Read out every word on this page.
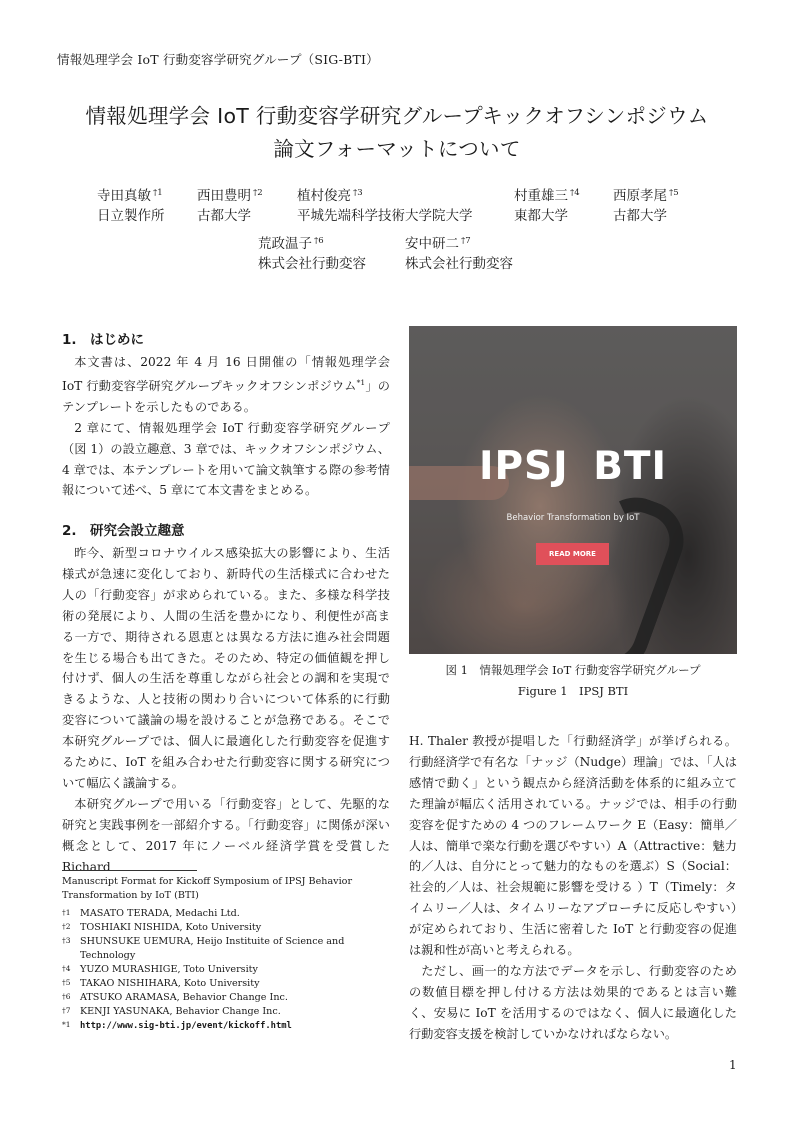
情報処理学会 IoT 行動変容学研究グループ（SIG-BTI）
情報処理学会 IoT 行動変容学研究グループキックオフシンポジウム
論文フォーマットについて
寺田真敏 $^{\dagger 1}$
日立製作所
西田豊明 $^{\dagger 2}$
古都大学
植村俊亮 $^{\dagger 3}$
平城先端科学技術大学院大学
村重雄三 $^{\dagger 4}$
東都大学
西原孝尾 $^{\dagger 5}$
古都大学
荒政温子 $^{\dagger 6}$
株式会社行動変容
安中研二 $^{\dagger 7}$
株式会社行動変容
1.　はじめに

本文書は、2022 年 4 月 16 日開催の「情報処理学会 IoT 行動変容学研究グループキックオフシンポジウム$^{*1}$」のテンプレートを示したものである。

2 章にて、情報処理学会 IoT 行動変容学研究グループ（図 1）の設立趣意、3 章では、キックオフシンポジウム、4 章では、本テンプレートを用いて論文執筆する際の参考情報について述べ、5 章にて本文書をまとめる。

2.　研究会設立趣意

昨今、新型コロナウイルス感染拡大の影響により、生活様式が急速に変化しており、新時代の生活様式に合わせた人の「行動変容」が求められている。また、多様な科学技術の発展により、人間の生活を豊かになり、利便性が高まる一方で、期待される恩恵とは異なる方法に進み社会問題を生じる場合も出てきた。そのため、特定の価値観を押し付けず、個人の生活を尊重しながら社会との調和を実現できるような、人と技術の関わり合いについて体系的に行動変容について議論の場を設けることが急務である。そこで本研究グループでは、個人に最適化した行動変容を促進するために、IoT を組み合わせた行動変容に関する研究について幅広く議論する。

本研究グループで用いる「行動変容」として、先駆的な研究と実践事例を一部紹介する。「行動変容」に関係が深い概念として、2017 年にノーベル経済学賞を受賞した Richard

Manuscript Format for Kickoff Symposium of IPSJ Behavior Transformation by IoT (BTI)
†1 MASATO TERADA, Medachi Ltd.
†2 TOSHIAKI NISHIDA, Koto University
†3 SHUNSUKE UEMURA, Heijo Instituite of Science and Technology
†4 YUZO MURASHIGE, Toto University
†5 TAKAO NISHIHARA, Koto University
†6 ATSUKO ARAMASA, Behavior Change Inc.
†7 KENJI YASUNAKA, Behavior Change Inc.
*1	http://www.sig-bti.jp/event/kickoff.html
IPSJ BTI
Behavior Transformation by IoT
READ MORE
図 1　情報処理学会 IoT 行動変容学研究グループ
Figure 1　IPSJ BTI

H. Thaler 教授が提唱した「行動経済学」が挙げられる。行動経済学で有名な「ナッジ（Nudge）理論」では、「人は感情で動く」という観点から経済活動を体系的に組み立てた理論が幅広く活用されている。ナッジでは、相手の行動変容を促すための 4 つのフレームワーク E（Easy：簡単／人は、簡単で楽な行動を選びやすい）A（Attractive：魅力的／人は、自分にとって魅力的なものを選ぶ）S（Social：社会的／人は、社会規範に影響を受ける ）T（Timely：タイムリー／人は、タイムリーなアプローチに反応しやすい）が定められており、生活に密着した IoT と行動変容の促進は親和性が高いと考えられる。

ただし、画一的な方法でデータを示し、行動変容のための数値目標を押し付ける方法は効果的であるとは言い難く、安易に IoT を活用するのではなく、個人に最適化した行動変容支援を検討していかなければならない。

1
